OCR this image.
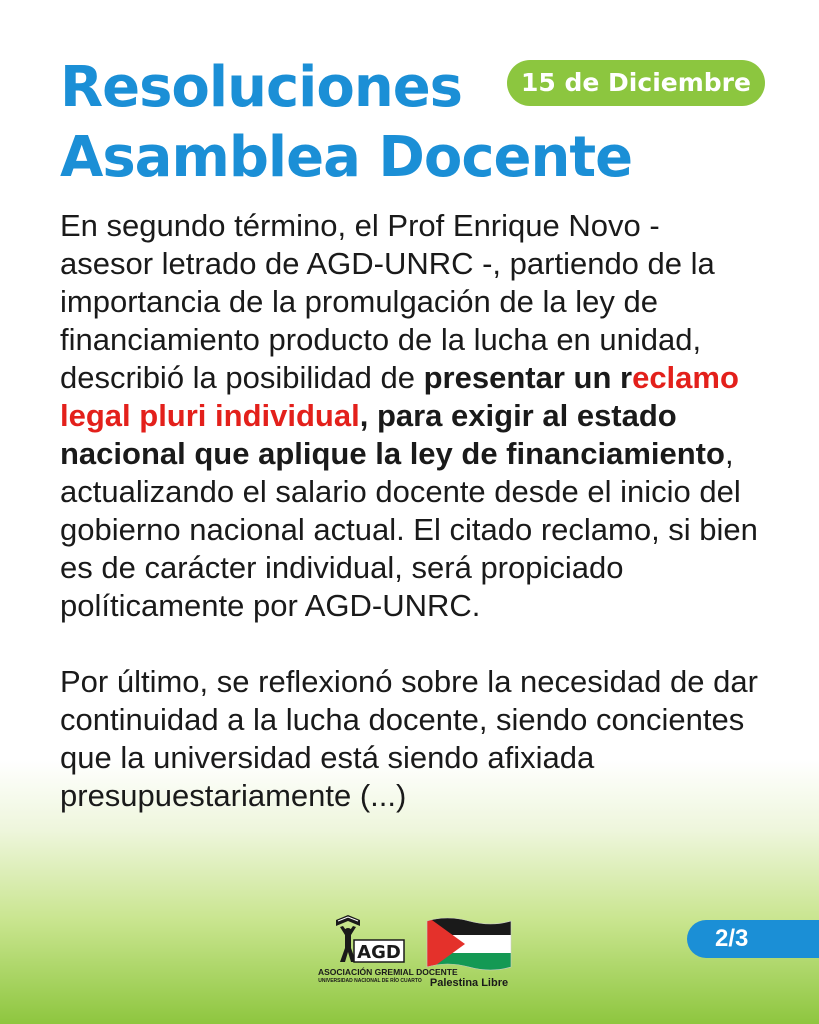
Resoluciones	15 de Diciembre
Asamblea Docente

En segundo término, el Prof Enrique Novo - asesor letrado de AGD-UNRC -, partiendo de la importancia de la promulgación de la ley de financiamiento producto de la lucha en unidad, describió la posibilidad de presentar un reclamo legal pluri individual, para exigir al estado nacional que aplique la ley de financiamiento, actualizando el salario docente desde el inicio del gobierno nacional actual. El citado reclamo, si bien es de carácter individual, será propiciado políticamente por AGD-UNRC.

Por último, se reflexionó sobre la necesidad de dar continuidad a la lucha docente, siendo concientes que la universidad está siendo afixiada presupuestariamente (...)

AGD
ASOCIACIÓN GREMIAL DOCENTE
UNIVERSIDAD NACIONAL DE RÍO CUARTO Palestina Libre
2/3
